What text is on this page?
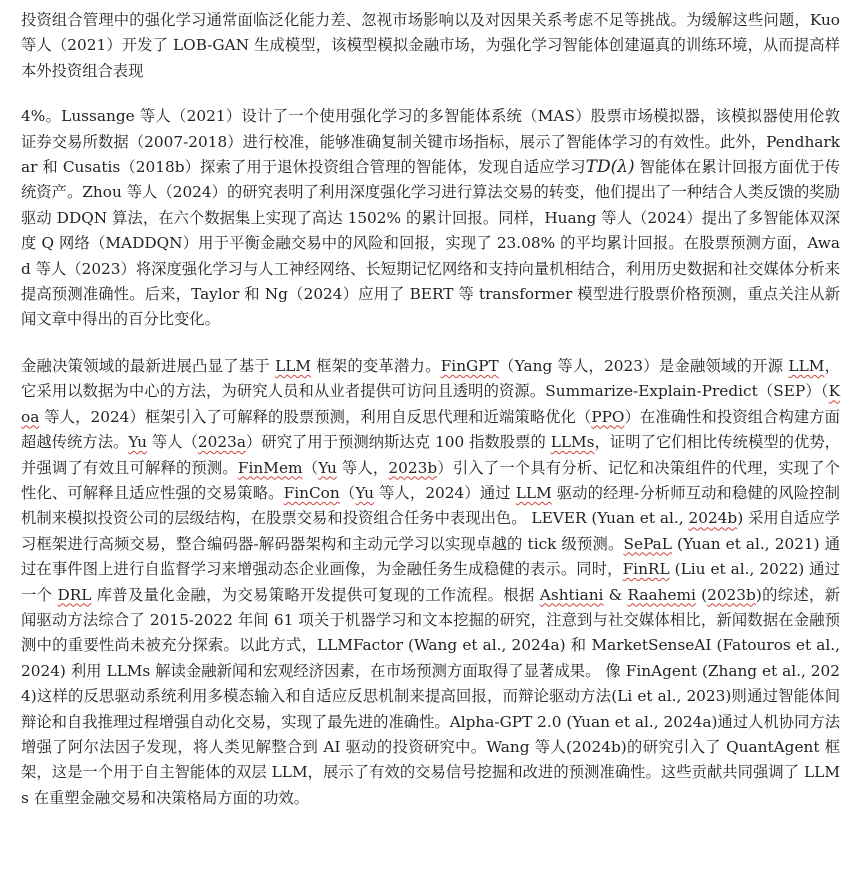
投资组合管理中的强化学习通常面临泛化能力差、忽视市场影响以及对因果关系考虑不足等挑战。为缓解这些问题，Kuo 等人（2021）开发了 LOB-GAN 生成模型，该模型模拟金融市场，为强化学习智能体创建逼真的训练环境，从而提高样本外投资组合表现

4%。Lussange 等人（2021）设计了一个使用强化学习的多智能体系统（MAS）股票市场模拟器，该模拟器使用伦敦证券交易所数据（2007-2018）进行校准，能够准确复制关键市场指标，展示了智能体学习的有效性。此外，Pendharkar 和 Cusatis（2018b）探索了用于退休投资组合管理的智能体，发现自适应学习TD(λ) 智能体在累计回报方面优于传统资产。Zhou 等人（2024）的研究表明了利用深度强化学习进行算法交易的转变，他们提出了一种结合人类反馈的奖励驱动 DDQN 算法，在六个数据集上实现了高达 1502% 的累计回报。同样，Huang 等人（2024）提出了多智能体双深度 Q 网络（MADDQN）用于平衡金融交易中的风险和回报，实现了 23.08% 的平均累计回报。在股票预测方面，Awad 等人（2023）将深度强化学习与人工神经网络、长短期记忆网络和支持向量机相结合，利用历史数据和社交媒体分析来提高预测准确性。后来，Taylor 和 Ng（2024）应用了 BERT 等 transformer 模型进行股票价格预测，重点关注从新闻文章中得出的百分比变化。

金融决策领域的最新进展凸显了基于 LLM 框架的变革潜力。FinGPT（Yang 等人，2023）是金融领域的开源 LLM，它采用以数据为中心的方法，为研究人员和从业者提供可访问且透明的资源。Summarize-Explain-Predict（SEP）（Koa 等人，2024）框架引入了可解释的股票预测，利用自反思代理和近端策略优化（PPO）在准确性和投资组合构建方面超越传统方法。Yu 等人（2023a）研究了用于预测纳斯达克 100 指数股票的 LLMs，证明了它们相比传统模型的优势，并强调了有效且可解释的预测。FinMem（Yu 等人，2023b）引入了一个具有分析、记忆和决策组件的代理，实现了个性化、可解释且适应性强的交易策略。FinCon（Yu 等人，2024）通过 LLM 驱动的经理-分析师互动和稳健的风险控制机制来模拟投资公司的层级结构，在股票交易和投资组合任务中表现出色。 LEVER (Yuan et al., 2024b) 采用自适应学习框架进行高频交易，整合编码器-解码器架构和主动元学习以实现卓越的 tick 级预测。SePaL (Yuan et al., 2021) 通过在事件图上进行自监督学习来增强动态企业画像，为金融任务生成稳健的表示。同时，FinRL (Liu et al., 2022) 通过一个 DRL 库普及量化金融，为交易策略开发提供可复现的工作流程。根据 Ashtiani & Raahemi (2023b)的综述，新闻驱动方法综合了 2015-2022 年间 61 项关于机器学习和文本挖掘的研究，注意到与社交媒体相比，新闻数据在金融预测中的重要性尚未被充分探索。以此方式，LLMFactor (Wang et al., 2024a) 和 MarketSenseAI (Fatouros et al., 2024) 利用 LLMs 解读金融新闻和宏观经济因素，在市场预测方面取得了显著成果。 像 FinAgent (Zhang et al., 2024)这样的反思驱动系统利用多模态输入和自适应反思机制来提高回报，而辩论驱动方法(Li et al., 2023)则通过智能体间辩论和自我推理过程增强自动化交易，实现了最先进的准确性。Alpha-GPT 2.0 (Yuan et al., 2024a)通过人机协同方法增强了阿尔法因子发现，将人类见解整合到 AI 驱动的投资研究中。Wang 等人(2024b)的研究引入了 QuantAgent 框架，这是一个用于自主智能体的双层 LLM，展示了有效的交易信号挖掘和改进的预测准确性。这些贡献共同强调了 LLMs 在重塑金融交易和决策格局方面的功效。
